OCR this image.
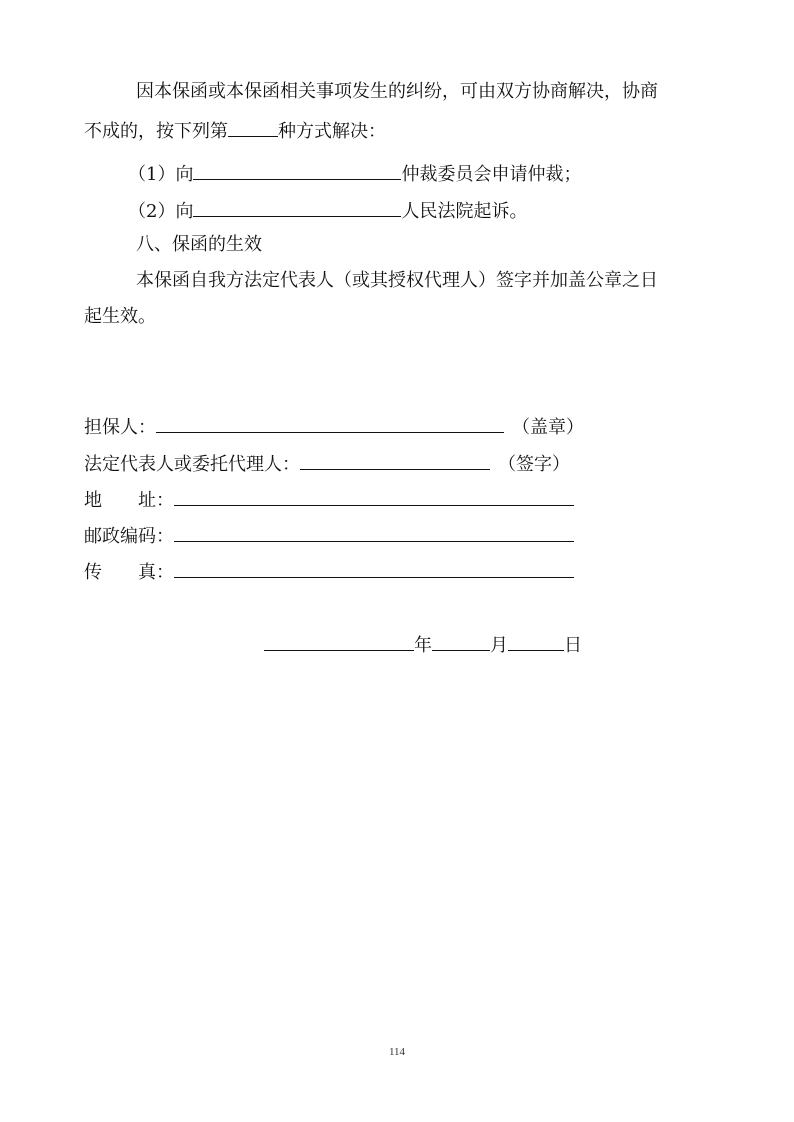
因本保函或本保函相关事项发生的纠纷，可由双方协商解决，协商
不成的，按下列第	种方式解决：
（1）向	仲裁委员会申请仲裁；
（2）向	人民法院起诉。
八、保函的生效
本保函自我方法定代表人（或其授权代理人）签字并加盖公章之日
起生效。
担保人：	（盖章）
法定代表人或委托代理人：	（签字）
地　　址：
邮政编码：
传　　真：
年	月	日
114
